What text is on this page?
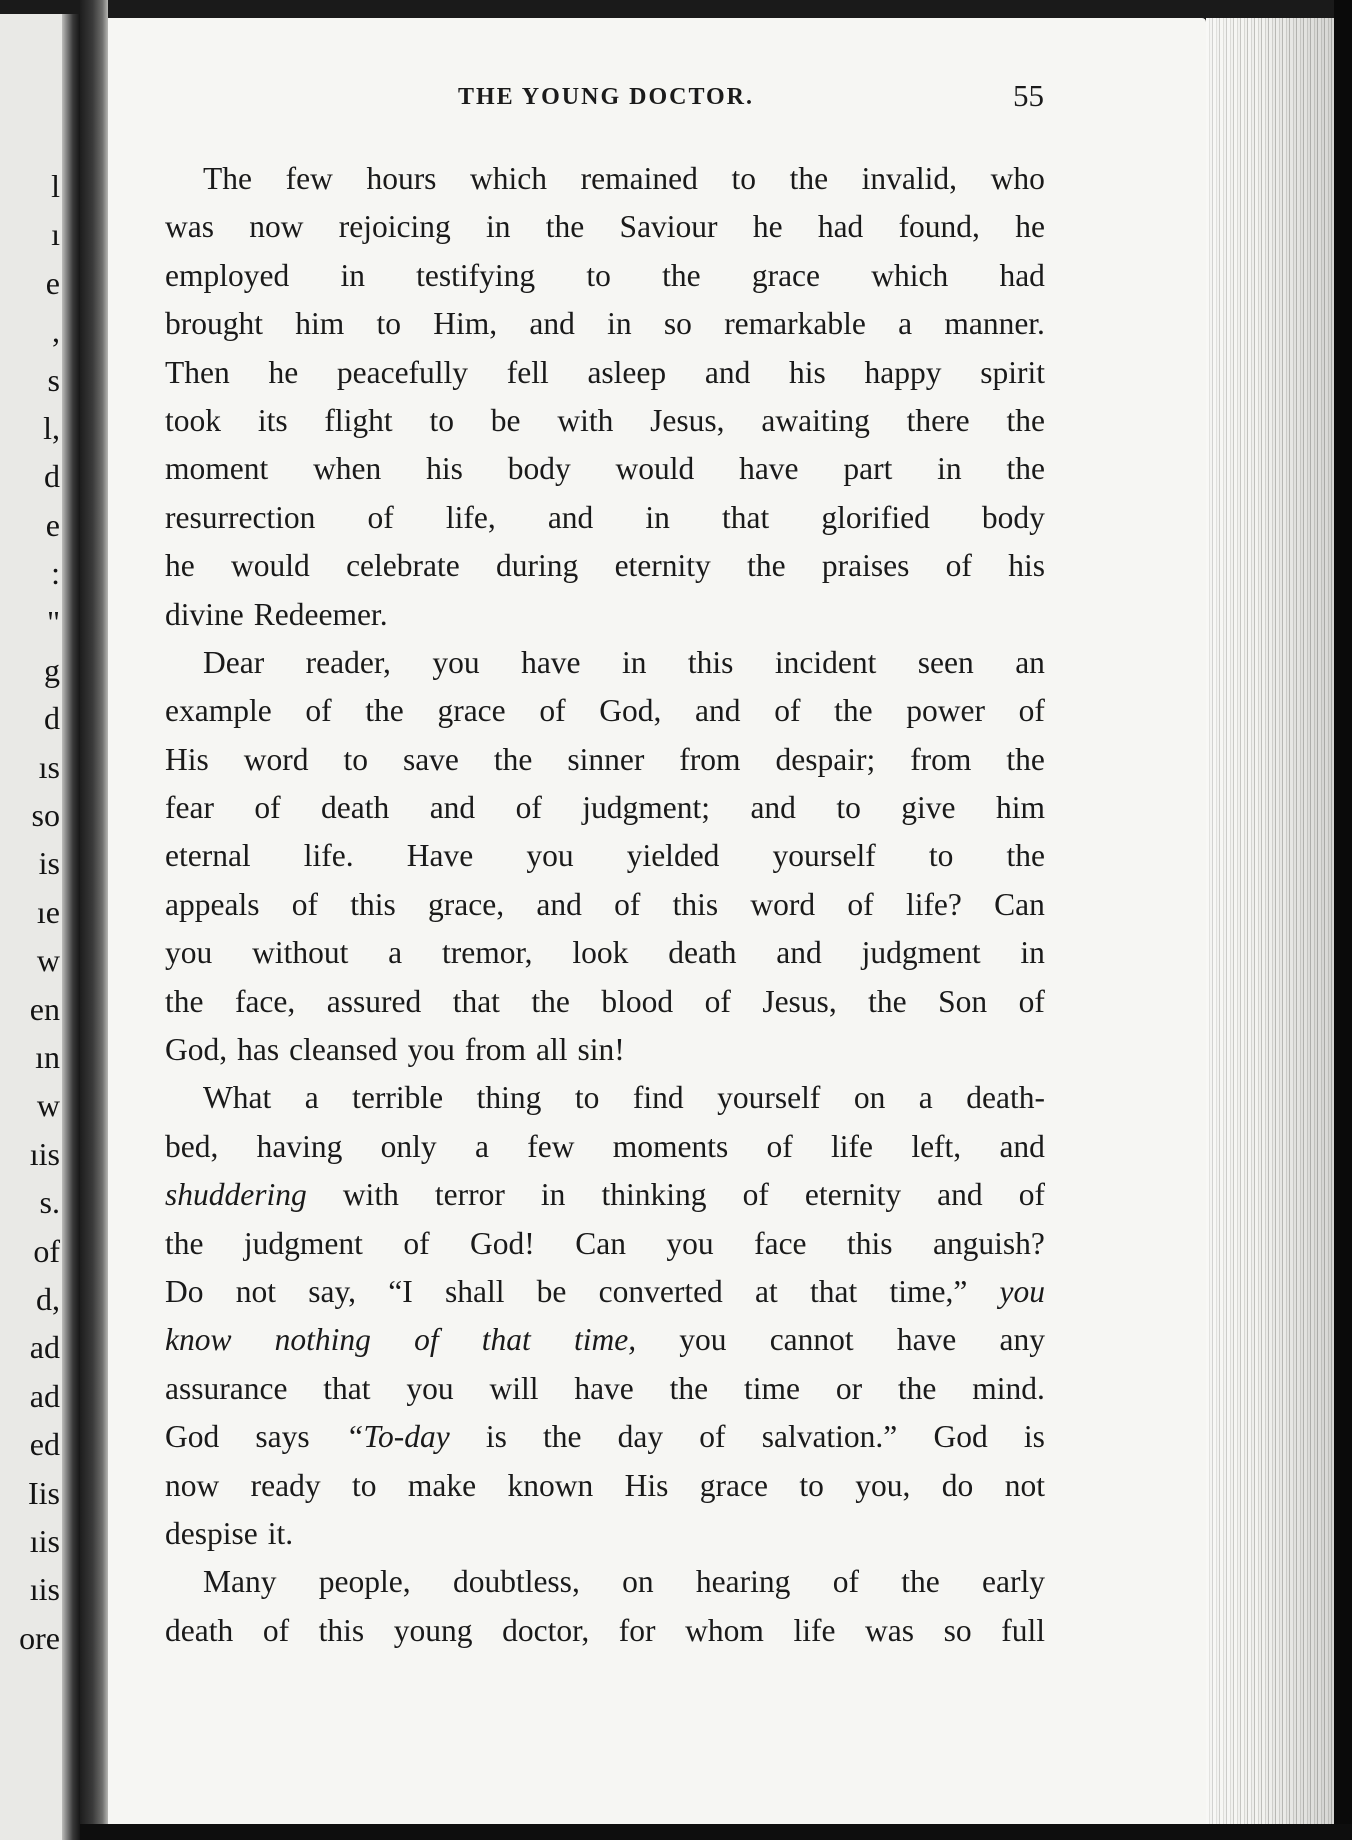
l
ı
e
,
s
l,
d
e
:
"
g
d
ıs
so
is
ıe
w
en
ın
w
ıis
s.
of
d,
ad
ad
ed
Iis
ıis
ıis
ore
THE YOUNG DOCTOR.	55
The few hours which remained to the invalid, who
was now rejoicing in the Saviour he had found, he
employed in testifying to the grace which had
brought him to Him, and in so remarkable a manner.
Then he peacefully fell asleep and his happy spirit
took its flight to be with Jesus, awaiting there the
moment when his body would have part in the
resurrection of life, and in that glorified body
he would celebrate during eternity the praises of his
divine Redeemer.
Dear reader, you have in this incident seen an
example of the grace of God, and of the power of
His word to save the sinner from despair; from the
fear of death and of judgment; and to give him
eternal life. Have you yielded yourself to the
appeals of this grace, and of this word of life? Can
you without a tremor, look death and judgment in
the face, assured that the blood of Jesus, the Son of
God, has cleansed you from all sin!
What a terrible thing to find yourself on a death-
bed, having only a few moments of life left, and
shuddering with terror in thinking of eternity and of
the judgment of God! Can you face this anguish?
Do not say, “I shall be converted at that time,” you
know nothing of that time, you cannot have any
assurance that you will have the time or the mind.
God says “To-day is the day of salvation.” God is
now ready to make known His grace to you, do not
despise it.
Many people, doubtless, on hearing of the early
death of this young doctor, for whom life was so full
